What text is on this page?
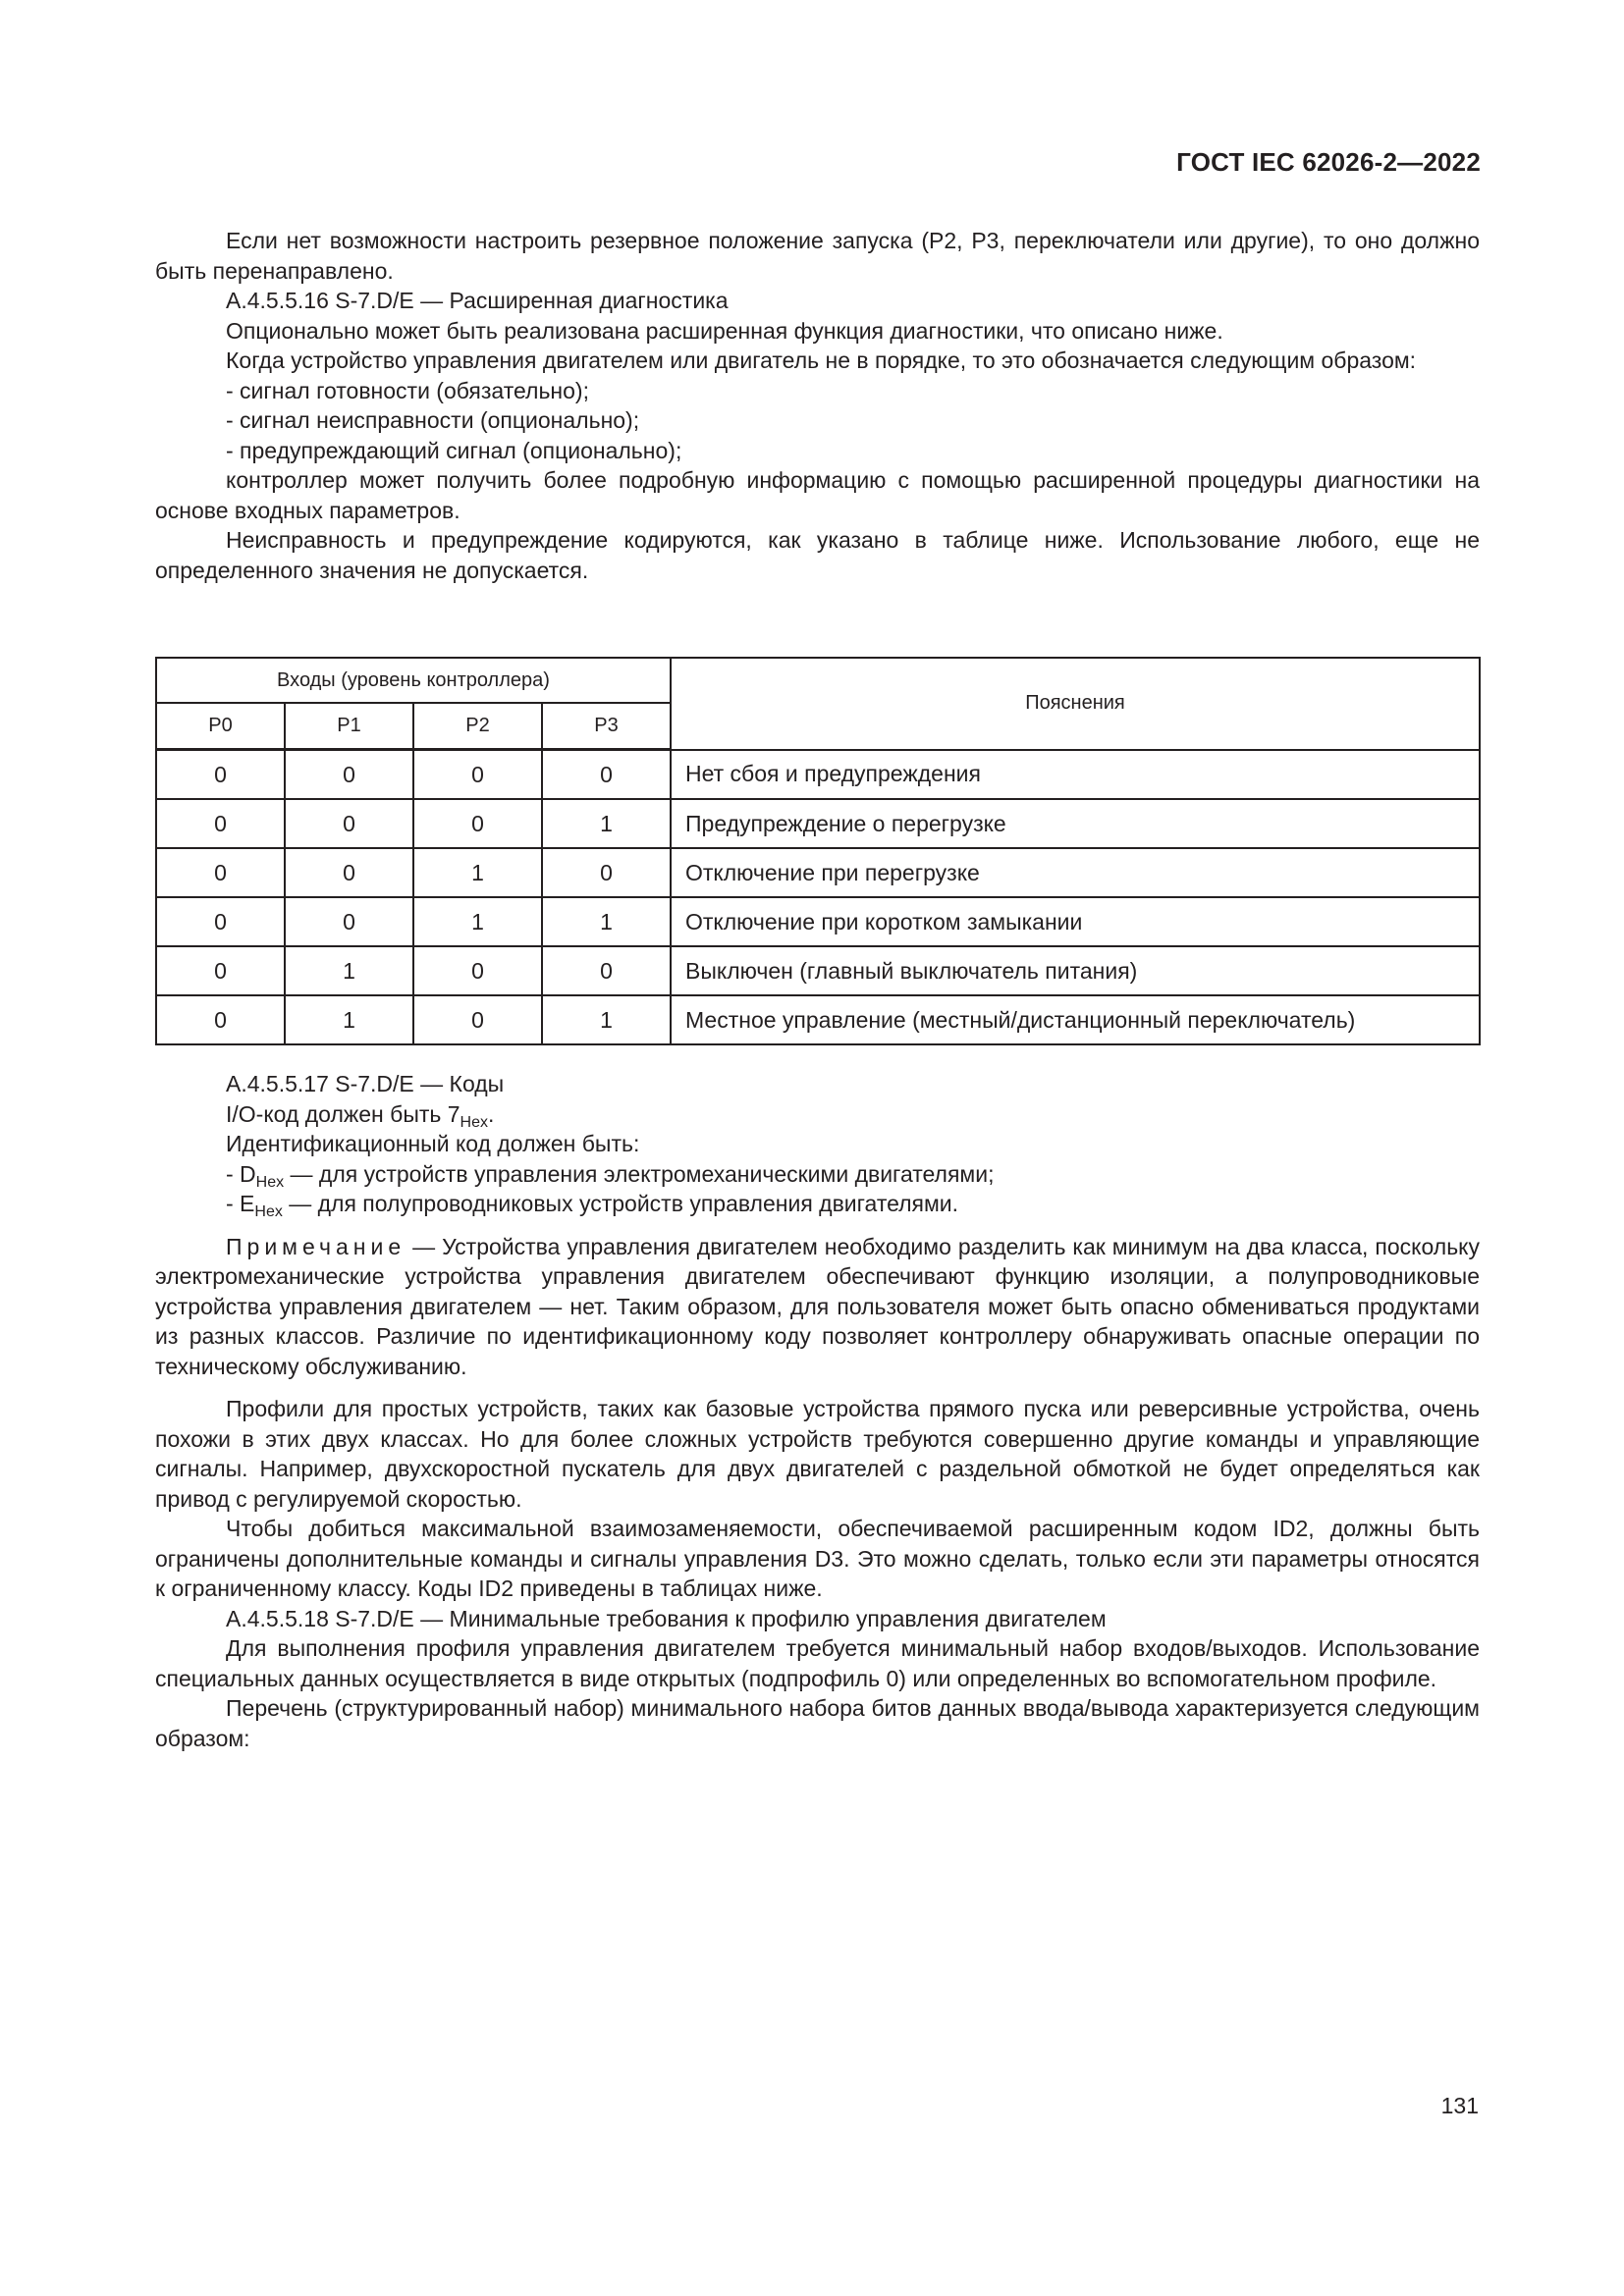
ГОСТ IEC 62026-2—2022

Если нет возможности настроить резервное положение запуска (P2, P3, переключатели или другие), то оно должно быть перенаправлено.

А.4.5.5.16 S-7.D/E — Расширенная диагностика

Опционально может быть реализована расширенная функция диагностики, что описано ниже.

Когда устройство управления двигателем или двигатель не в порядке, то это обозначается следующим образом:

- сигнал готовности (обязательно);

- сигнал неисправности (опционально);

- предупреждающий сигнал (опционально);

контроллер может получить более подробную информацию с помощью расширенной процедуры диагностики на основе входных параметров.

Неисправность и предупреждение кодируются, как указано в таблице ниже. Использование любого, еще не определенного значения не допускается.

Входы (уровень контроллера)				Пояснения
P0	P1	P2	P3	
0	0	0	0	Нет сбоя и предупреждения
0	0	0	1	Предупреждение о перегрузке
0	0	1	0	Отключение при перегрузке
0	0	1	1	Отключение при коротком замыкании
0	1	0	0	Выключен (главный выключатель питания)
0	1	0	1	Местное управление (местный/дистанционный переключатель)

А.4.5.5.17 S-7.D/E — Коды

I/O-код должен быть $7_{Hex}$.

Идентификационный код должен быть:

- $D_{Hex}$ — для устройств управления электромеханическими двигателями;

- $E_{Hex}$ — для полупроводниковых устройств управления двигателями.

Примечание — Устройства управления двигателем необходимо разделить как минимум на два класса, поскольку электромеханические устройства управления двигателем обеспечивают функцию изоляции, а полупроводниковые устройства управления двигателем — нет. Таким образом, для пользователя может быть опасно обмениваться продуктами из разных классов. Различие по идентификационному коду позволяет контроллеру обнаруживать опасные операции по техническому обслуживанию.

Профили для простых устройств, таких как базовые устройства прямого пуска или реверсивные устройства, очень похожи в этих двух классах. Но для более сложных устройств требуются совершенно другие команды и управляющие сигналы. Например, двухскоростной пускатель для двух двигателей с раздельной обмоткой не будет определяться как привод с регулируемой скоростью.

Чтобы добиться максимальной взаимозаменяемости, обеспечиваемой расширенным кодом ID2, должны быть ограничены дополнительные команды и сигналы управления D3. Это можно сделать, только если эти параметры относятся к ограниченному классу. Коды ID2 приведены в таблицах ниже.

А.4.5.5.18 S-7.D/E — Минимальные требования к профилю управления двигателем

Для выполнения профиля управления двигателем требуется минимальный набор входов/выходов. Использование специальных данных осуществляется в виде открытых (подпрофиль 0) или определенных во вспомогательном профиле.

Перечень (структурированный набор) минимального набора битов данных ввода/вывода характеризуется следующим образом:

131
